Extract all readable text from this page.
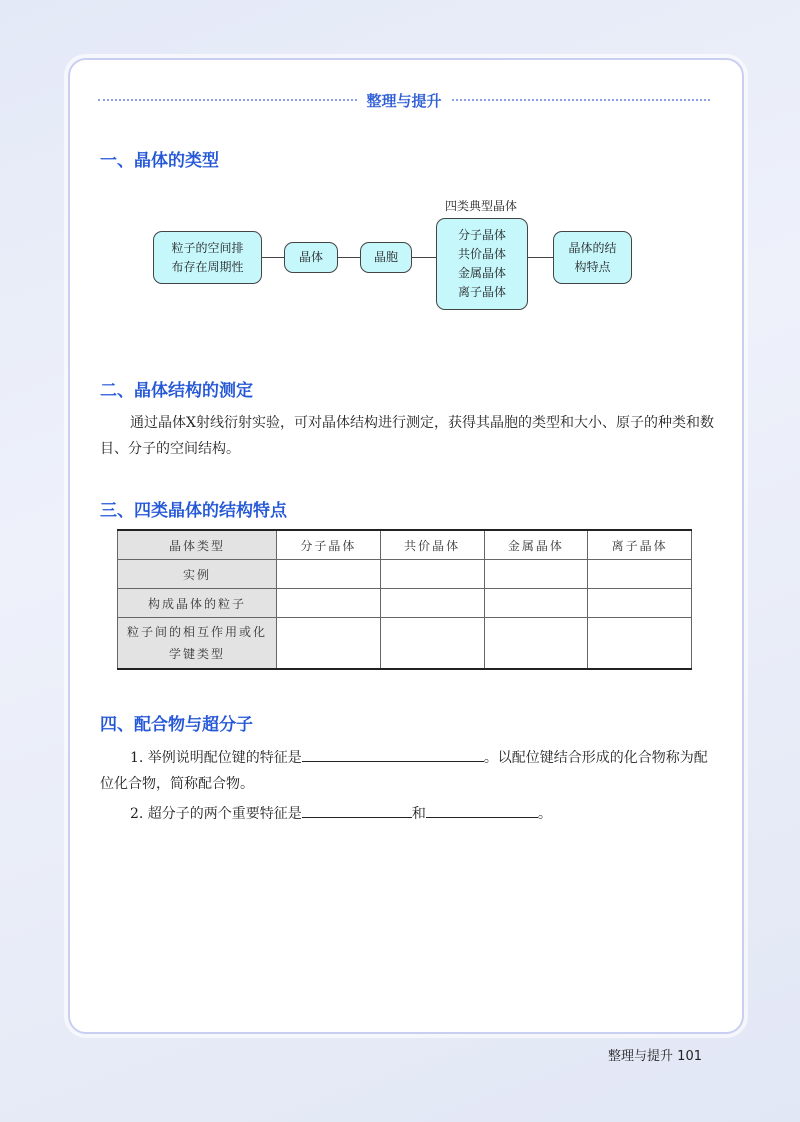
整理与提升
一、晶体的类型
粒子的空间排
布存在周期性
晶体	晶胞
四类典型晶体
分子晶体
共价晶体
金属晶体
离子晶体
晶体的结
构特点
二、晶体结构的测定
通过晶体X射线衍射实验，可对晶体结构进行测定，获得其晶胞的类型和大小、原子的种类和数目、分子的空间结构。
三、四类晶体的结构特点
晶体类型	分子晶体	共价晶体	金属晶体	离子晶体
实例				
构成晶体的粒子				

粒子间的相互作用或化
学键类型				

四、配合物与超分子
1. 举例说明配位键的特征是	。以配位键结合形成的化合物称为配位化合物，简称配合物。
2. 超分子的两个重要特征是	和	。
整理与提升 101
